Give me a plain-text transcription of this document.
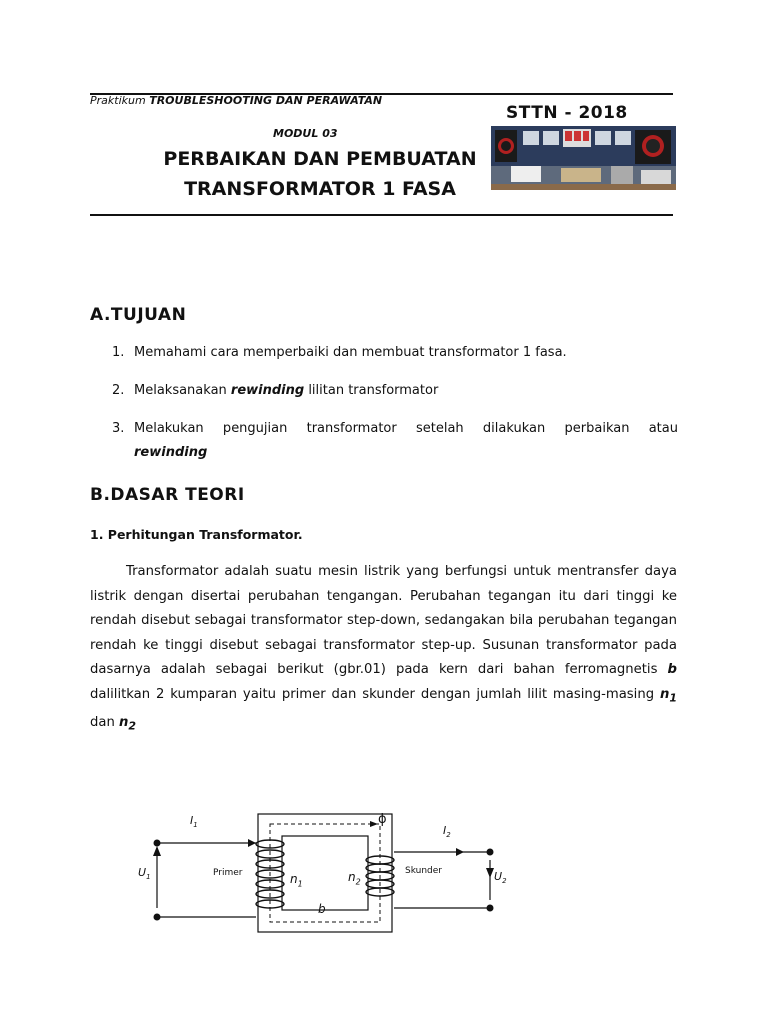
Praktikum TROUBLESHOOTING DAN PERAWATAN
STTN - 2018
MODUL 03
PERBAIKAN DAN PEMBUATAN
TRANSFORMATOR 1 FASA
A.TUJUAN
1. Memahami cara memperbaiki dan membuat transformator 1 fasa.
2. Melaksanakan rewinding lilitan transformator
3. Melakukan pengujian transformator setelah dilakukan perbaikan atau
rewinding
B.DASAR TEORI
1. Perhitungan Transformator.
Transformator adalah suatu mesin listrik yang berfungsi untuk mentransfer daya listrik dengan disertai perubahan tengangan. Perubahan tegangan itu dari tinggi ke rendah disebut sebagai transformator step-down, sedangakan bila perubahan tegangan rendah ke tinggi disebut sebagai transformator step-up. Susunan transformator pada dasarnya adalah sebagai berikut (gbr.01) pada kern dari bahan ferromagnetis b dalilitkan 2 kumparan yaitu primer dan skunder dengan jumlah lilit masing-masing $n_1$ dan $n_2$
$I_1$	$I_2$
$U_1$	$U_2$
ϕ
Primer	Skunder
$n_1$	$n_2$
b
